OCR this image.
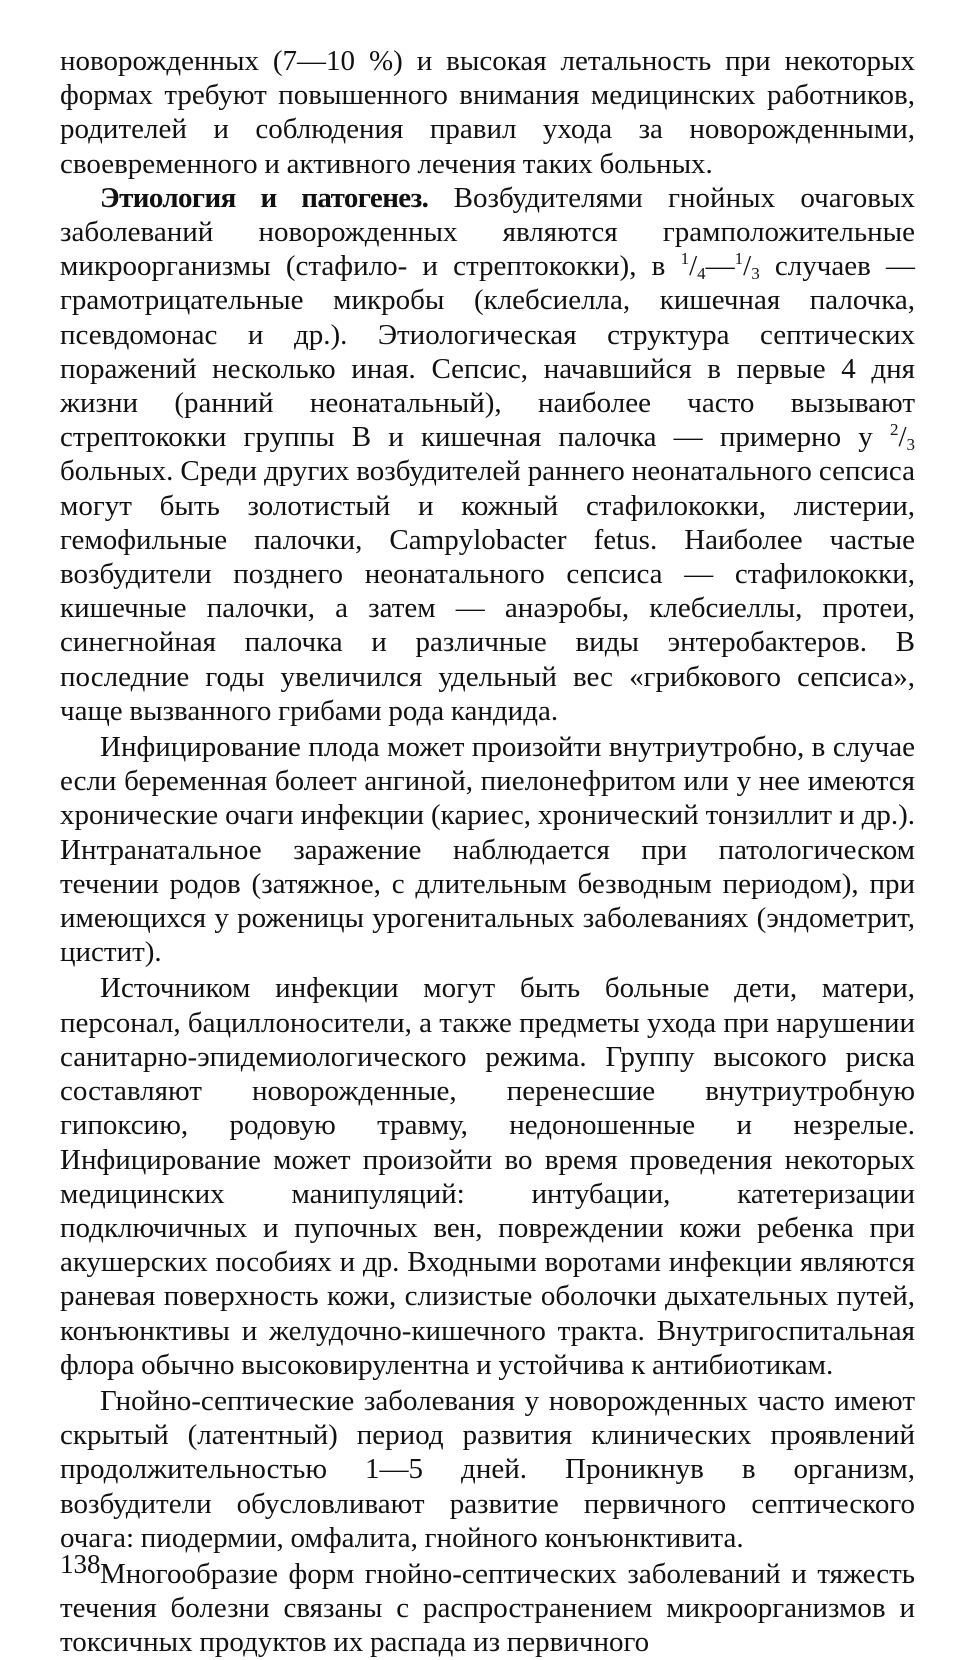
новорожденных (7—10 %) и высокая летальность при некоторых формах требуют повышенного внимания медицинских работников, родителей и соблюдения правил ухода за новорожденными, своевременного и активного лечения таких больных.

Этиология и патогенез. Возбудителями гнойных очаговых заболеваний новорожденных являются грамположительные микроорганизмы (стафило- и стрептококки), в $^1/_4—^1/_3$ случаев — грамотрицательные микробы (клебсиелла, кишечная палочка, псевдомонас и др.). Этиологическая структура септических поражений несколько иная. Сепсис, начавшийся в первые 4 дня жизни (ранний неонатальный), наиболее часто вызывают стрептококки группы В и кишечная палочка — примерно у $^2/_3$ больных. Среди других возбудителей раннего неонатального сепсиса могут быть золотистый и кожный стафилококки, листерии, гемофильные палочки, Campylobacter fetus. Наиболее частые возбудители позднего неонатального сепсиса — стафилококки, кишечные палочки, а затем — анаэробы, клебсиеллы, протеи, синегнойная палочка и различные виды энтеробактеров. В последние годы увеличился удельный вес «грибкового сепсиса», чаще вызванного грибами рода кандида.

Инфицирование плода может произойти внутриутробно, в случае если беременная болеет ангиной, пиелонефритом или у нее имеются хронические очаги инфекции (кариес, хронический тонзиллит и др.). Интранатальное заражение наблюдается при патологическом течении родов (затяжное, с длительным безводным периодом), при имеющихся у роженицы урогенитальных заболеваниях (эндометрит, цистит).

Источником инфекции могут быть больные дети, матери, персонал, бациллоносители, а также предметы ухода при нарушении санитарно-эпидемиологического режима. Группу высокого риска составляют новорожденные, перенесшие внутриутробную гипоксию, родовую травму, недоношенные и незрелые. Инфицирование может произойти во время проведения некоторых медицинских манипуляций: интубации, катетеризации подключичных и пупочных вен, повреждении кожи ребенка при акушерских пособиях и др. Входными воротами инфекции являются раневая поверхность кожи, слизистые оболочки дыхательных путей, конъюнктивы и желудочно-кишечного тракта. Внутригоспитальная флора обычно высоковирулентна и устойчива к антибиотикам.

Гнойно-септические заболевания у новорожденных часто имеют скрытый (латентный) период развития клинических проявлений продолжительностью 1—5 дней. Проникнув в организм, возбудители обусловливают развитие первичного септического очага: пиодермии, омфалита, гнойного конъюнктивита.

Многообразие форм гнойно-септических заболеваний и тяжесть течения болезни связаны с распространением микроорганизмов и токсичных продуктов их распада из первичного

138
